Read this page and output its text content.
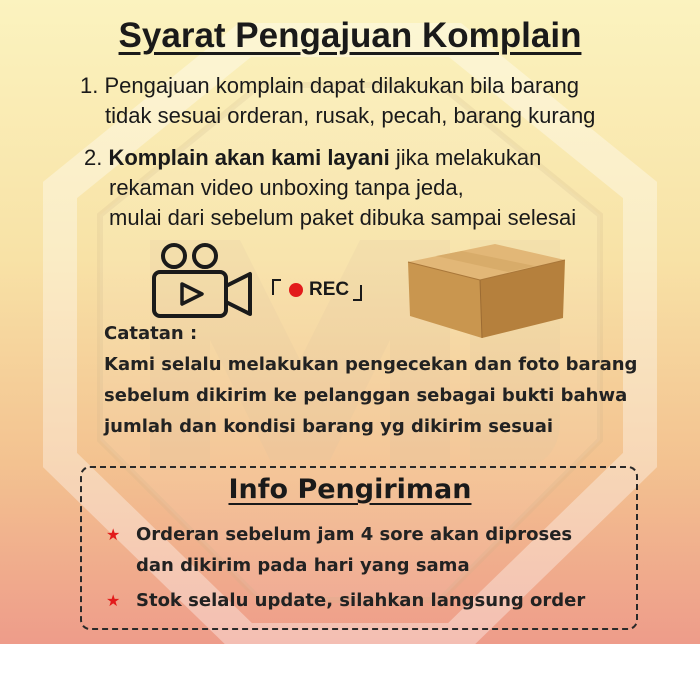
Syarat Pengajuan Komplain
1. Pengajuan komplain dapat dilakukan bila barang
tidak sesuai orderan, rusak, pecah, barang kurang
2. Komplain akan kami layani jika melakukan
rekaman video unboxing tanpa jeda,
mulai dari sebelum paket dibuka sampai selesai
REC
Catatan :
Kami selalu melakukan pengecekan dan foto barang
sebelum dikirim ke pelanggan sebagai bukti bahwa
jumlah dan kondisi barang yg dikirim sesuai
Info Pengiriman
★ Orderan sebelum jam 4 sore akan diproses
dan dikirim pada hari yang sama
★ Stok selalu update, silahkan langsung order
